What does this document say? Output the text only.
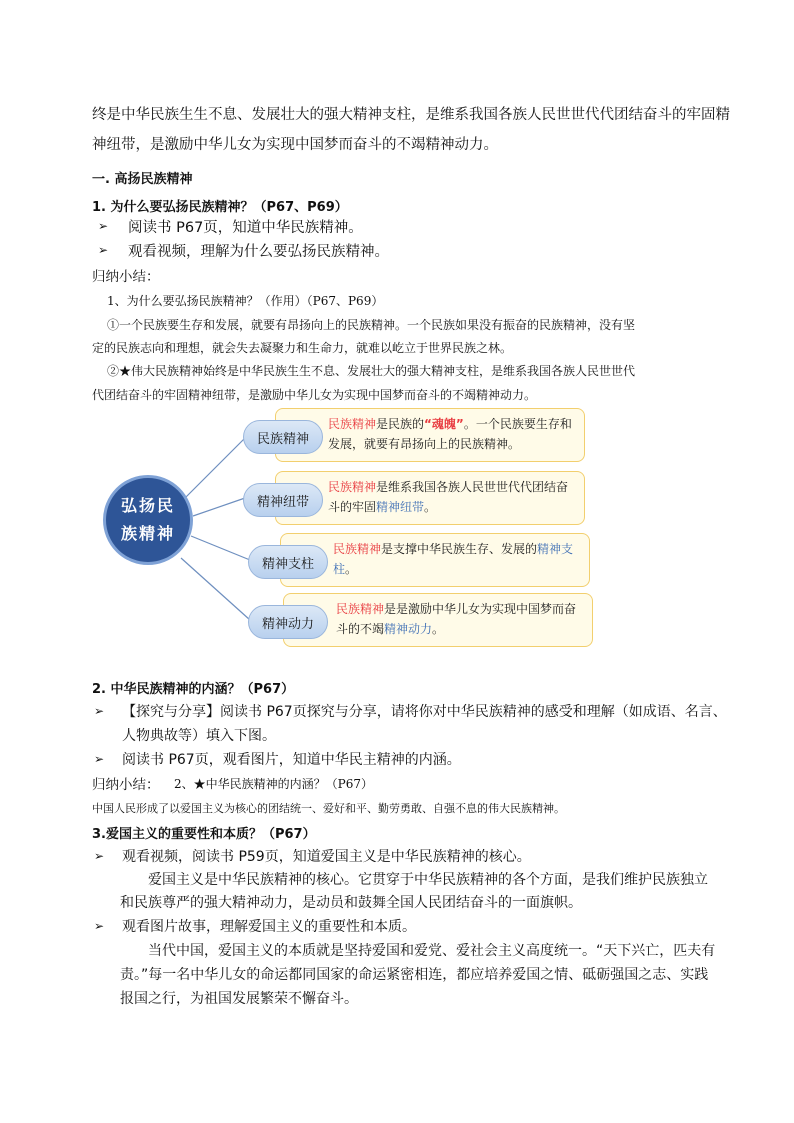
终是中华民族生生不息、发展壮大的强大精神支柱，是维系我国各族人民世世代代团结奋斗的牢固精
神纽带，是激励中华儿女为实现中国梦而奋斗的不竭精神动力。
一. 高扬民族精神
1. 为什么要弘扬民族精神？（P67、P69）
➢ 阅读书 P67页，知道中华民族精神。
➢ 观看视频，理解为什么要弘扬民族精神。
归纳小结：
1、为什么要弘扬民族精神？（作用）（P67、P69）
①一个民族要生存和发展，就要有昂扬向上的民族精神。一个民族如果没有振奋的民族精神，没有坚
定的民族志向和理想，就会失去凝聚力和生命力，就难以屹立于世界民族之林。
②★伟大民族精神始终是中华民族生生不息、发展壮大的强大精神支柱，是维系我国各族人民世世代
代团结奋斗的牢固精神纽带，是激励中华儿女为实现中国梦而奋斗的不竭精神动力。
弘扬民
族精神
民族精神是民族的“魂魄”。一个民族要生存和发展，就要有昂扬向上的民族精神。
民族精神是维系我国各族人民世世代代团结奋斗的牢固精神纽带。
民族精神是支撑中华民族生存、发展的精神支柱。
民族精神是是激励中华儿女为实现中国梦而奋斗的不竭精神动力。
民族精神
精神纽带
精神支柱
精神动力
2. 中华民族精神的内涵？（P67）
➢ 【探究与分享】阅读书 P67页探究与分享，请将你对中华民族精神的感受和理解（如成语、名言、
人物典故等）填入下图。
➢ 阅读书 P67页，观看图片，知道中华民主精神的内涵。
归纳小结： 2、★中华民族精神的内涵？（P67）
中国人民形成了以爱国主义为核心的团结统一、爱好和平、勤劳勇敢、自强不息的伟大民族精神。
3.爱国主义的重要性和本质？（P67）
➢ 观看视频，阅读书 P59页，知道爱国主义是中华民族精神的核心。
爱国主义是中华民族精神的核心。它贯穿于中华民族精神的各个方面，是我们维护民族独立
和民族尊严的强大精神动力，是动员和鼓舞全国人民团结奋斗的一面旗帜。
➢ 观看图片故事，理解爱国主义的重要性和本质。
当代中国，爱国主义的本质就是坚持爱国和爱党、爱社会主义高度统一。“天下兴亡，匹夫有
责。”每一名中华儿女的命运都同国家的命运紧密相连，都应培养爱国之情、砥砺强国之志、实践
报国之行，为祖国发展繁荣不懈奋斗。
